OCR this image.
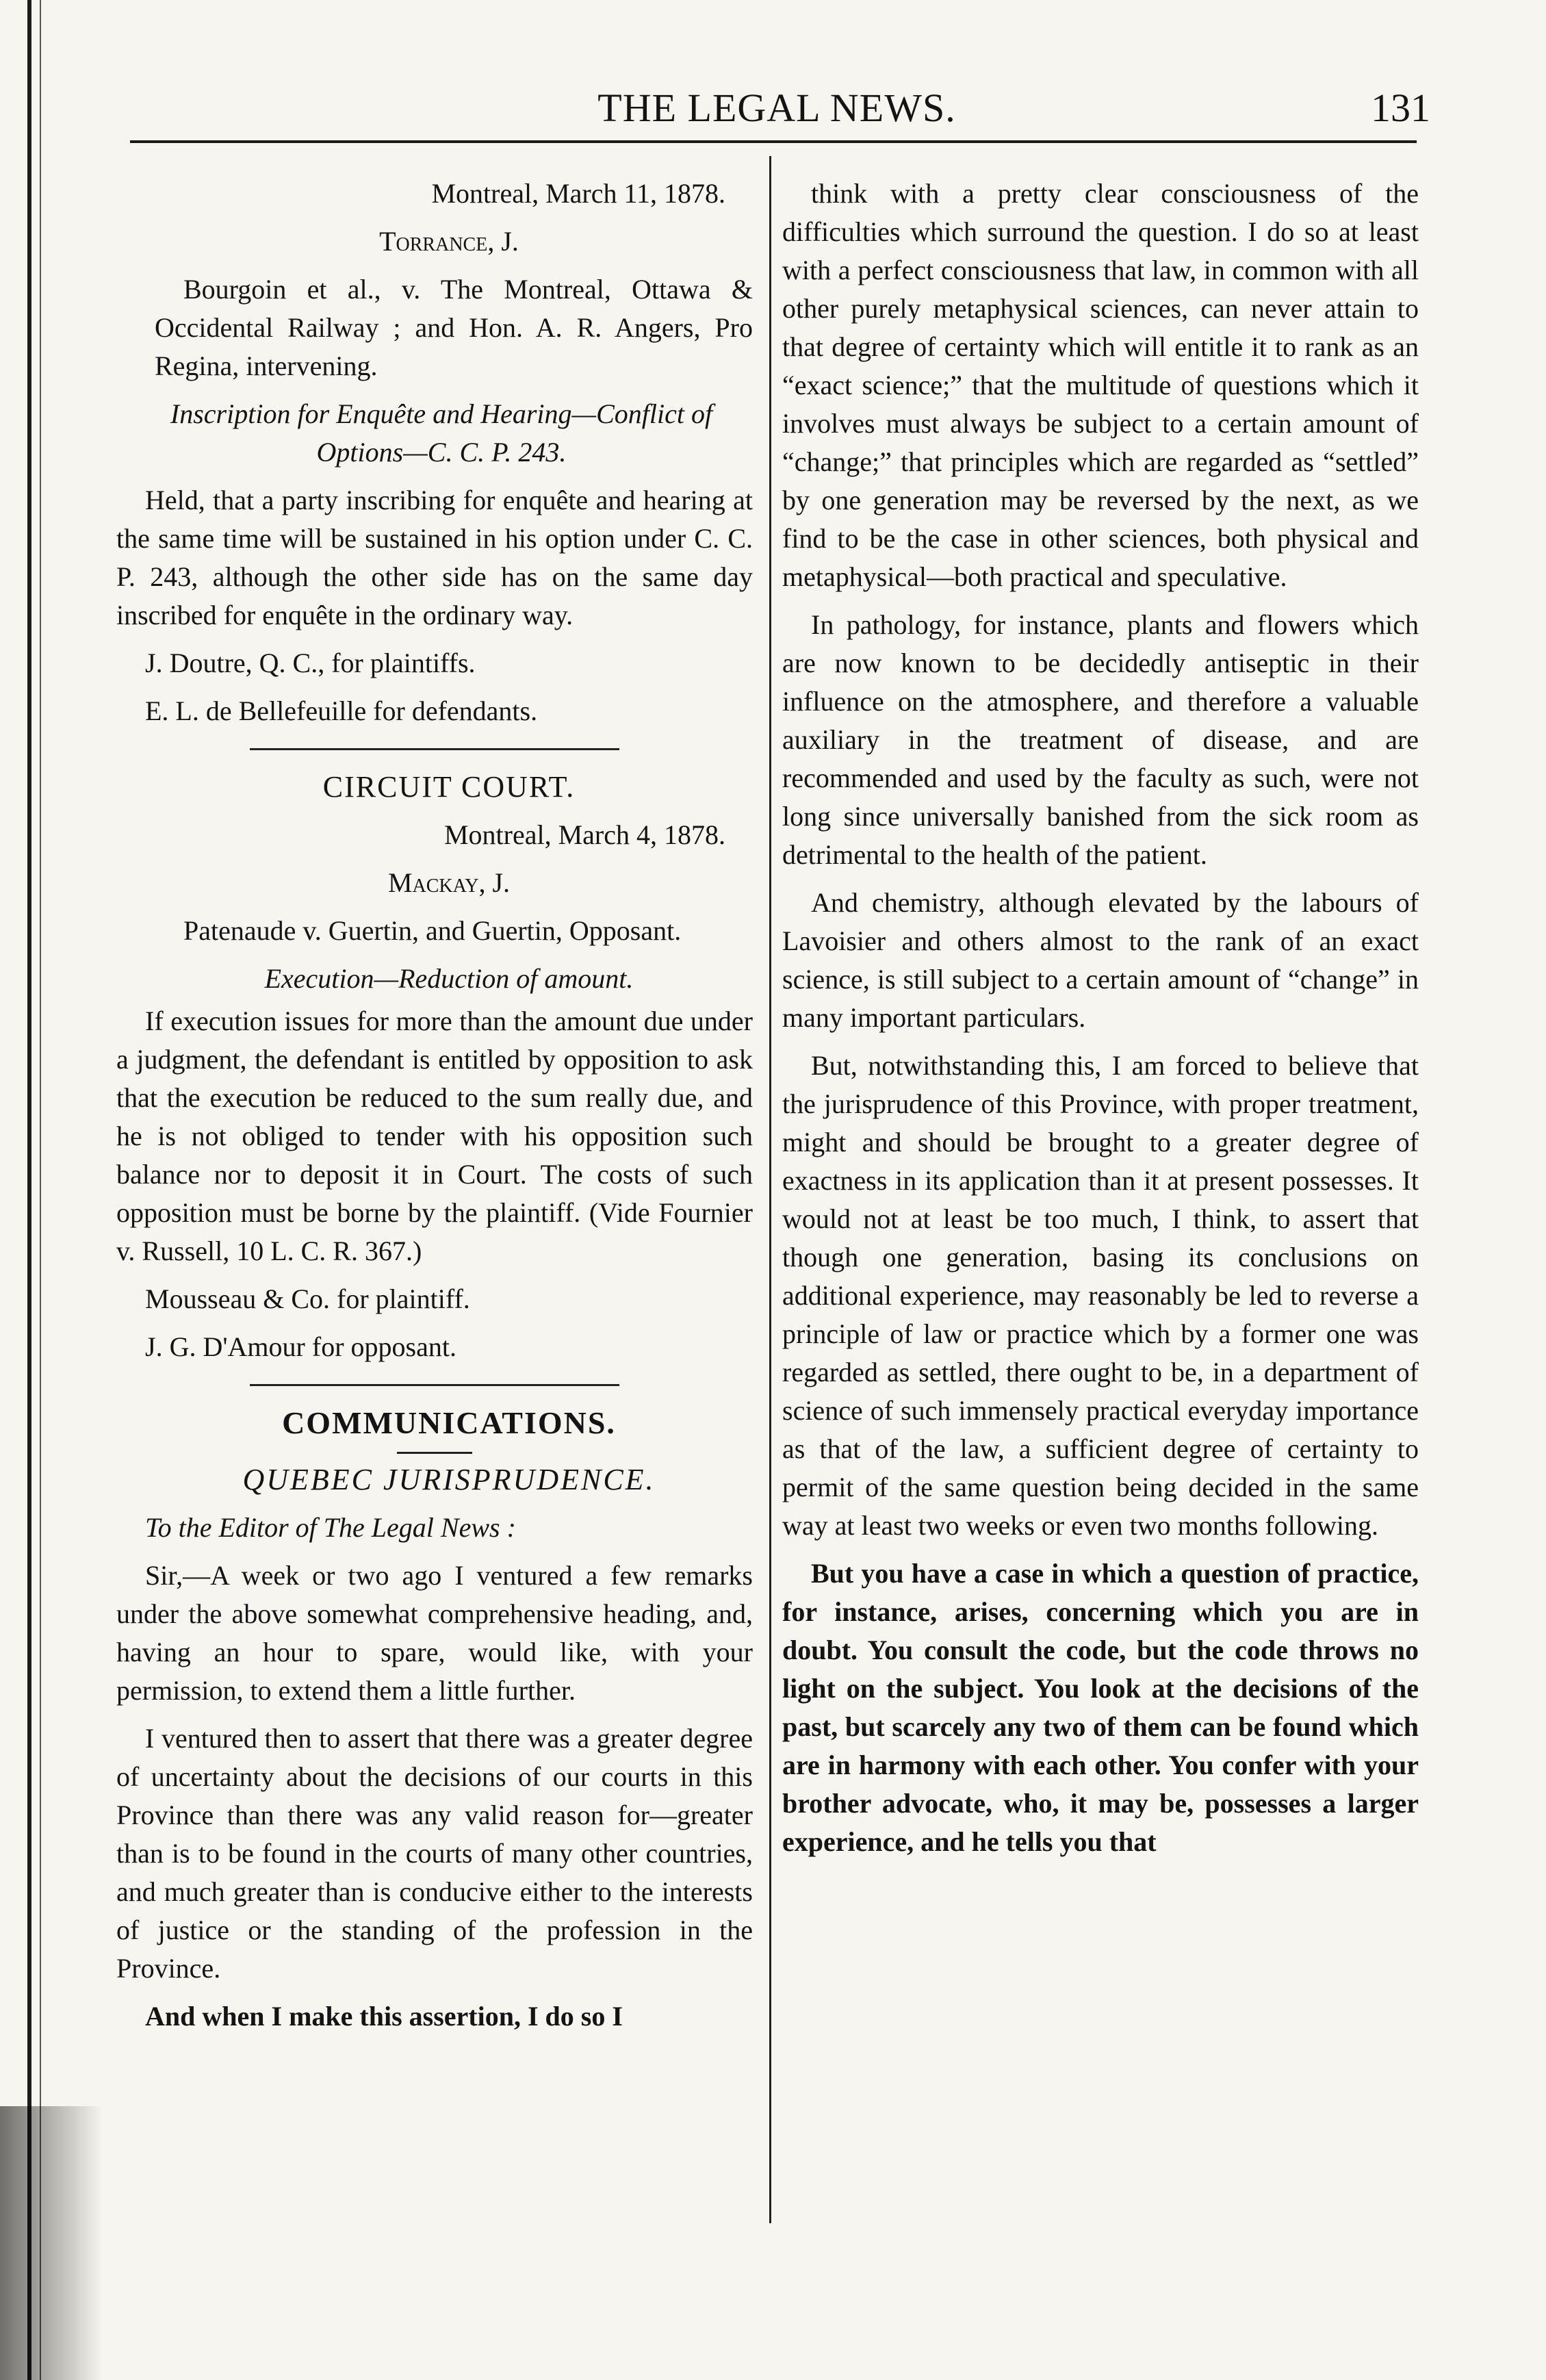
THE LEGAL NEWS.	131

Montreal, March 11, 1878.

Torrance, J.

Bourgoin et al., v. The Montreal, Ottawa & Occidental Railway ; and Hon. A. R. Angers, Pro Regina, intervening.

Inscription for Enquête and Hearing—Conflict of Options—C. C. P. 243.

Held, that a party inscribing for enquête and hearing at the same time will be sustained in his option under C. C. P. 243, although the other side has on the same day inscribed for enquête in the ordinary way.

J. Doutre, Q. C., for plaintiffs.

E. L. de Bellefeuille for defendants.

CIRCUIT COURT.

Montreal, March 4, 1878.

Mackay, J.

Patenaude v. Guertin, and Guertin, Opposant.

Execution—Reduction of amount.

If execution issues for more than the amount due under a judgment, the defendant is entitled by opposition to ask that the execution be reduced to the sum really due, and he is not obliged to tender with his opposition such balance nor to deposit it in Court. The costs of such opposition must be borne by the plaintiff. (Vide Fournier v. Russell, 10 L. C. R. 367.)

Mousseau & Co. for plaintiff.

J. G. D'Amour for opposant.

COMMUNICATIONS.

QUEBEC JURISPRUDENCE.

To the Editor of The Legal News :

Sir,—A week or two ago I ventured a few remarks under the above somewhat comprehensive heading, and, having an hour to spare, would like, with your permission, to extend them a little further.

I ventured then to assert that there was a greater degree of uncertainty about the decisions of our courts in this Province than there was any valid reason for—greater than is to be found in the courts of many other countries, and much greater than is conducive either to the interests of justice or the standing of the profession in the Province.

And when I make this assertion, I do so I

think with a pretty clear consciousness of the difficulties which surround the question. I do so at least with a perfect consciousness that law, in common with all other purely metaphysical sciences, can never attain to that degree of certainty which will entitle it to rank as an “exact science;” that the multitude of questions which it involves must always be subject to a certain amount of “change;” that principles which are regarded as “settled” by one generation may be reversed by the next, as we find to be the case in other sciences, both physical and metaphysical—both practical and speculative.

In pathology, for instance, plants and flowers which are now known to be decidedly antiseptic in their influence on the atmosphere, and therefore a valuable auxiliary in the treatment of disease, and are recommended and used by the faculty as such, were not long since universally banished from the sick room as detrimental to the health of the patient.

And chemistry, although elevated by the labours of Lavoisier and others almost to the rank of an exact science, is still subject to a certain amount of “change” in many important particulars.

But, notwithstanding this, I am forced to believe that the jurisprudence of this Province, with proper treatment, might and should be brought to a greater degree of exactness in its application than it at present possesses. It would not at least be too much, I think, to assert that though one generation, basing its conclusions on additional experience, may reasonably be led to reverse a principle of law or practice which by a former one was regarded as settled, there ought to be, in a department of science of such immensely practical everyday importance as that of the law, a sufficient degree of certainty to permit of the same question being decided in the same way at least two weeks or even two months following.

But you have a case in which a question of practice, for instance, arises, concerning which you are in doubt. You consult the code, but the code throws no light on the subject. You look at the decisions of the past, but scarcely any two of them can be found which are in harmony with each other. You confer with your brother advocate, who, it may be, possesses a larger experience, and he tells you that
